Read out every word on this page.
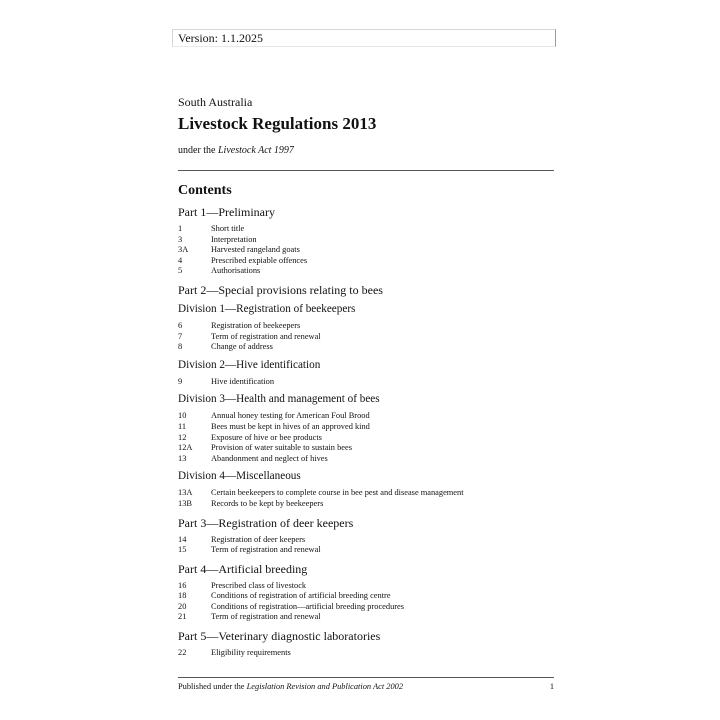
Version: 1.1.2025
South Australia
Livestock Regulations 2013
under the Livestock Act 1997
Contents
Part 1—Preliminary
1	Short title
3	Interpretation
3A	Harvested rangeland goats
4	Prescribed expiable offences
5	Authorisations
Part 2—Special provisions relating to bees
Division 1—Registration of beekeepers
6	Registration of beekeepers
7	Term of registration and renewal
8	Change of address
Division 2—Hive identification
9	Hive identification
Division 3—Health and management of bees
10	Annual honey testing for American Foul Brood
11	Bees must be kept in hives of an approved kind
12	Exposure of hive or bee products
12A	Provision of water suitable to sustain bees
13	Abandonment and neglect of hives
Division 4—Miscellaneous
13A	Certain beekeepers to complete course in bee pest and disease management
13B	Records to be kept by beekeepers
Part 3—Registration of deer keepers
14	Registration of deer keepers
15	Term of registration and renewal
Part 4—Artificial breeding
16	Prescribed class of livestock
18	Conditions of registration of artificial breeding centre
20	Conditions of registration—artificial breeding procedures
21	Term of registration and renewal
Part 5—Veterinary diagnostic laboratories
22	Eligibility requirements
Published under the Legislation Revision and Publication Act 2002	1
